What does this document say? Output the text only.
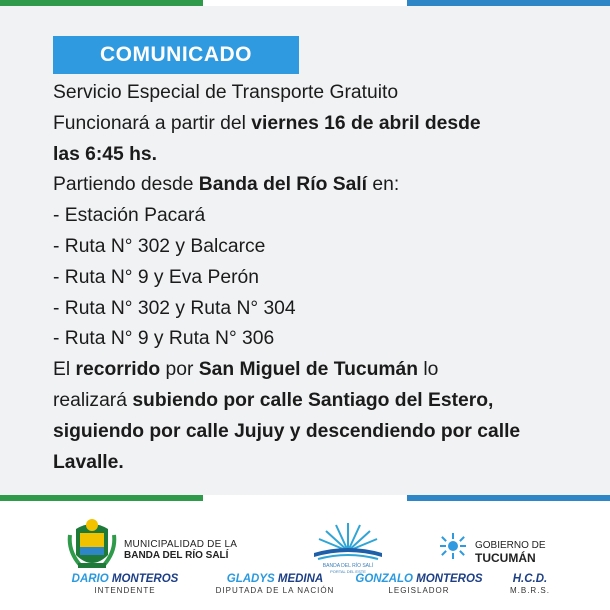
COMUNICADO
Servicio Especial de Transporte Gratuito
Funcionará a partir del viernes 16 de abril desde
las 6:45 hs.
Partiendo desde Banda del Río Salí en:
- Estación Pacará
- Ruta N° 302 y Balcarce
- Ruta N° 9 y Eva Perón
- Ruta N° 302 y Ruta N° 304
- Ruta N° 9 y Ruta N° 306
El recorrido por San Miguel de Tucumán lo
realizará subiendo por calle Santiago del Estero,
siguiendo por calle Jujuy y descendiendo por calle
Lavalle.
MUNICIPALIDAD DE LA
BANDA DEL RÍO SALÍ
BANDA DEL RÍO SALÍ
PORTAL DEL ESTE
GOBIERNO DE
TUCUMÁN
DARIO MONTEROS
INTENDENTE
GLADYS MEDINA
DIPUTADA DE LA NACIÓN
GONZALO MONTEROS
LEGISLADOR
H.C.D.
M.B.R.S.
